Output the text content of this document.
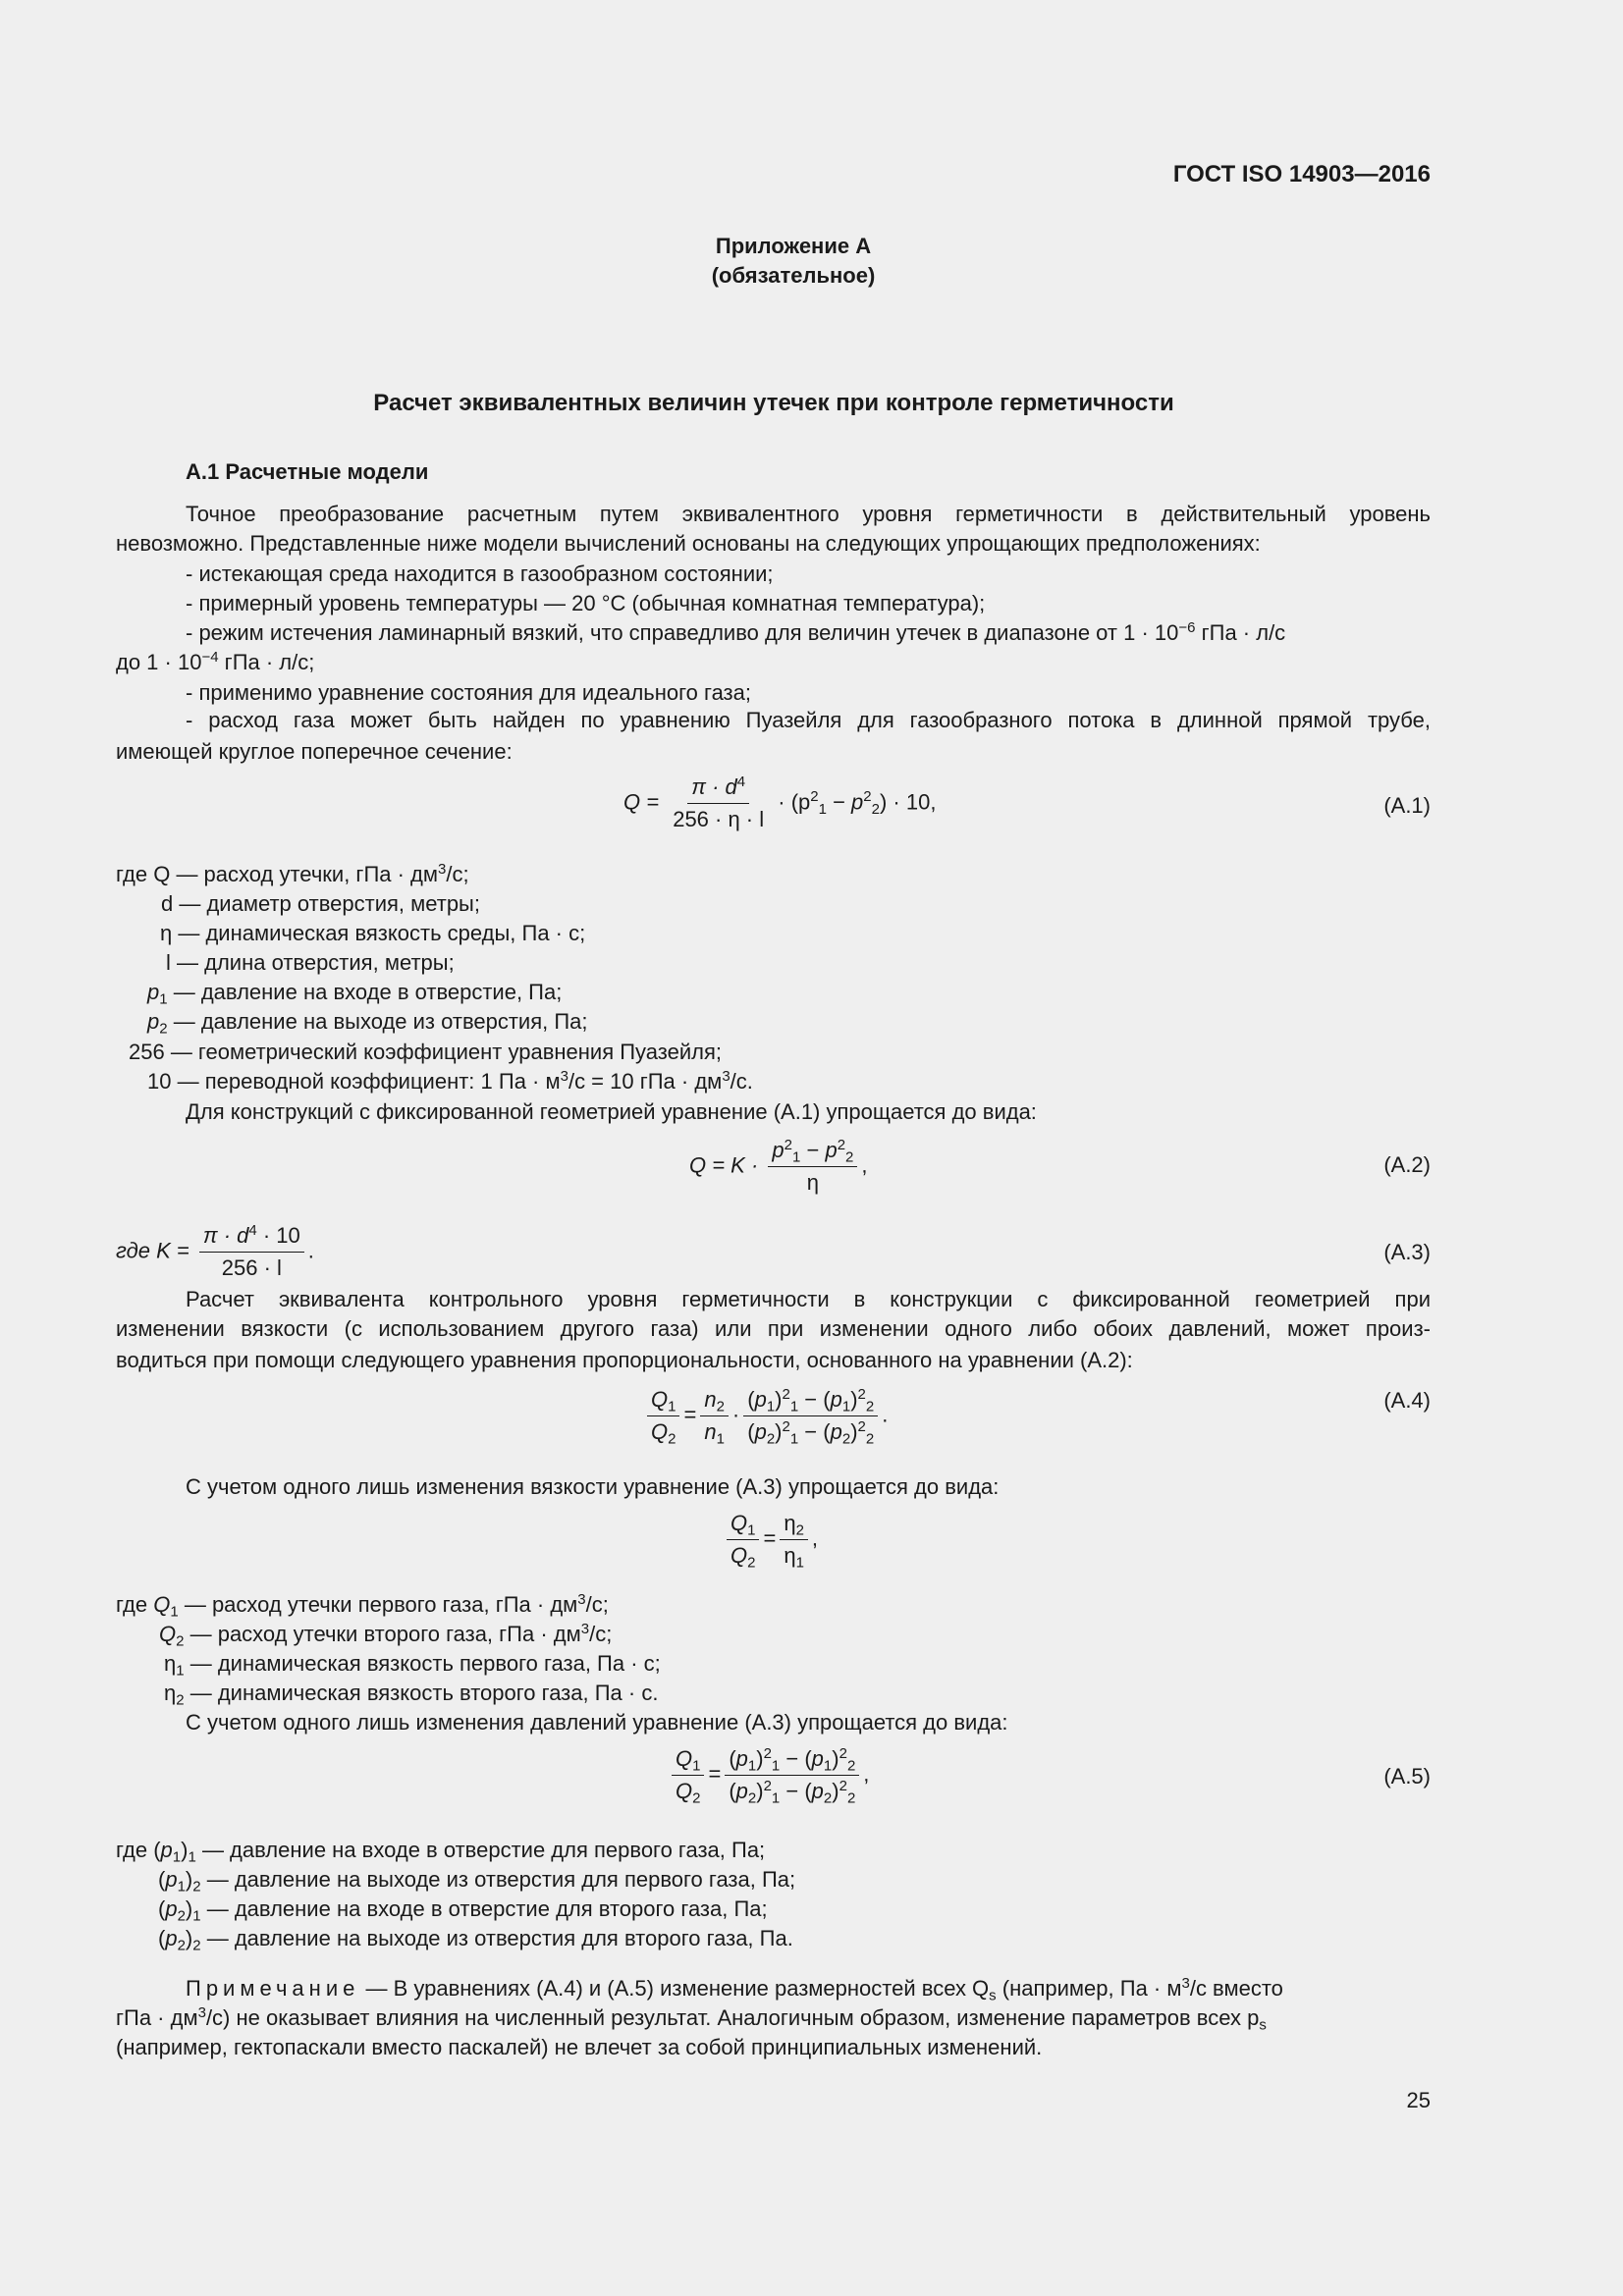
ГОСТ ISO 14903—2016
Приложение А
(обязательное)
Расчет эквивалентных величин утечек при контроле герметичности
А.1 Расчетные модели
Точное преобразование расчетным путем эквивалентного уровня герметичности в действительный уровень
невозможно. Представленные ниже модели вычислений основаны на следующих упрощающих предположениях:
- истекающая среда находится в газообразном состоянии;
- примерный уровень температуры — 20 °С (обычная комнатная температура);
- режим истечения ламинарный вязкий, что справедливо для величин утечек в диапазоне от $1 \cdot 10^{-6}$ гПа · л/с
до $1 \cdot 10^{-4}$ гПа · л/с;
- применимо уравнение состояния для идеального газа;
- расход газа может быть найден по уравнению Пуазейля для газообразного потока в длинной прямой трубе,
имеющей круглое поперечное сечение:
$Q = \frac{\pi \cdot d^4}{256 \cdot \eta \cdot l} \cdot (p^2_1 - p^2_2) \cdot 10$,	(А.1)
где Q — расход утечки, гПа · $дм^3/с$;
d — диаметр отверстия, метры;
η — динамическая вязкость среды, Па · с;
l — длина отверстия, метры;
$p_1$ — давление на входе в отверстие, Па;
$p_2$ — давление на выходе из отверстия, Па;
256 — геометрический коэффициент уравнения Пуазейля;
10 — переводной коэффициент: 1 Па · $м^3/с = 10$ гПа · $дм^3/с$.
Для конструкций с фиксированной геометрией уравнение (А.1) упрощается до вида:
$Q = K \cdot \frac{p^2_1 - p^2_2}{\eta}$ ,	(А.2)
где $K = \frac{\pi \cdot d^4 \cdot 10}{256 \cdot l}$ .	(А.3)
Расчет эквивалента контрольного уровня герметичности в конструкции с фиксированной геометрией при
изменении вязкости (с использованием другого газа) или при изменении одного либо обоих давлений, может произ-
водиться при помощи следующего уравнения пропорциональности, основанного на уравнении (А.2):
$\frac{Q_1}{Q_2} = \frac{n_2}{n_1} \cdot \frac{(p_1)^2_1 - (p_1)^2_2}{(p_2)^2_1 - (p_2)^2_2}$ .
(А.4)
С учетом одного лишь изменения вязкости уравнение (А.3) упрощается до вида:
$\frac{Q_1}{Q_2} = \frac{\eta_2}{\eta_1}$ ,
где $Q_1$ — расход утечки первого газа, гПа · $дм^3/с$;
$Q_2$ — расход утечки второго газа, гПа · $дм^3/с$;
$\eta_1$ — динамическая вязкость первого газа, Па · с;
$\eta_2$ — динамическая вязкость второго газа, Па · с.
С учетом одного лишь изменения давлений уравнение (А.3) упрощается до вида:
$\frac{Q_1}{Q_2} = \frac{(p_1)^2_1 - (p_1)^2_2}{(p_2)^2_1 - (p_2)^2_2}$ ,	(А.5)
где $(p_1)_1$ — давление на входе в отверстие для первого газа, Па;
$(p_1)_2$ — давление на выходе из отверстия для первого газа, Па;
$(p_2)_1$ — давление на входе в отверстие для второго газа, Па;
$(p_2)_2$ — давление на выходе из отверстия для второго газа, Па.
Примечание — В уравнениях (А.4) и (А.5) изменение размерностей всех $Q_s$ (например, Па · $м^3/с$ вместо
гПа · $дм^3/с$) не оказывает влияния на численный результат. Аналогичным образом, изменение параметров всех $p_s$
(например, гектопаскали вместо паскалей) не влечет за собой принципиальных изменений.
25
